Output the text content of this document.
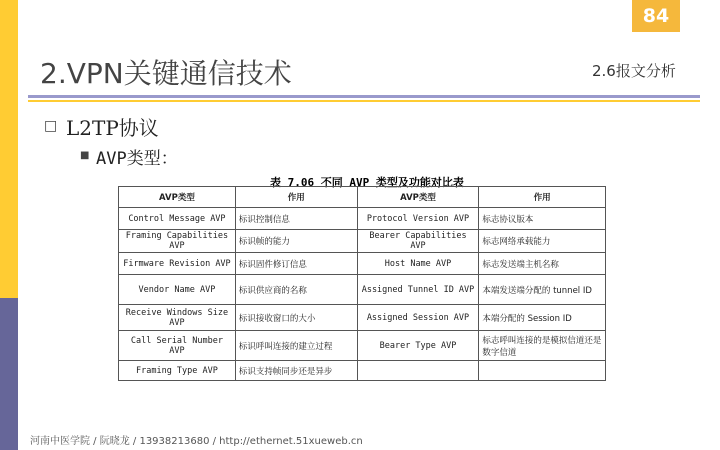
84
2.VPN关键通信技术	2.6报文分析
□ L2TP协议
■ AVP类型：
表 7.06 不同 AVP 类型及功能对比表
AVP类型	作用	AVP类型	作用
Control Message AVP	标识控制信息	Protocol Version AVP	标志协议版本
Framing Capabilities AVP	标识帧的能力	Bearer Capabilities AVP	标志网络承载能力
Firmware Revision AVP	标识固件修订信息	Host Name AVP	标志发送端主机名称
Vendor Name AVP	标识供应商的名称	Assigned Tunnel ID AVP	本端发送端分配的 tunnel ID
Receive Windows Size AVP	标识接收窗口的大小	Assigned Session AVP	本端分配的 Session ID
Call Serial Number AVP	标识呼叫连接的建立过程	Bearer Type AVP	标志呼叫连接的是模拟信道还是数字信道
Framing Type AVP	标识支持帧同步还是异步		
河南中医学院 / 阮晓龙 / 13938213680 / http://ethernet.51xueweb.cn
